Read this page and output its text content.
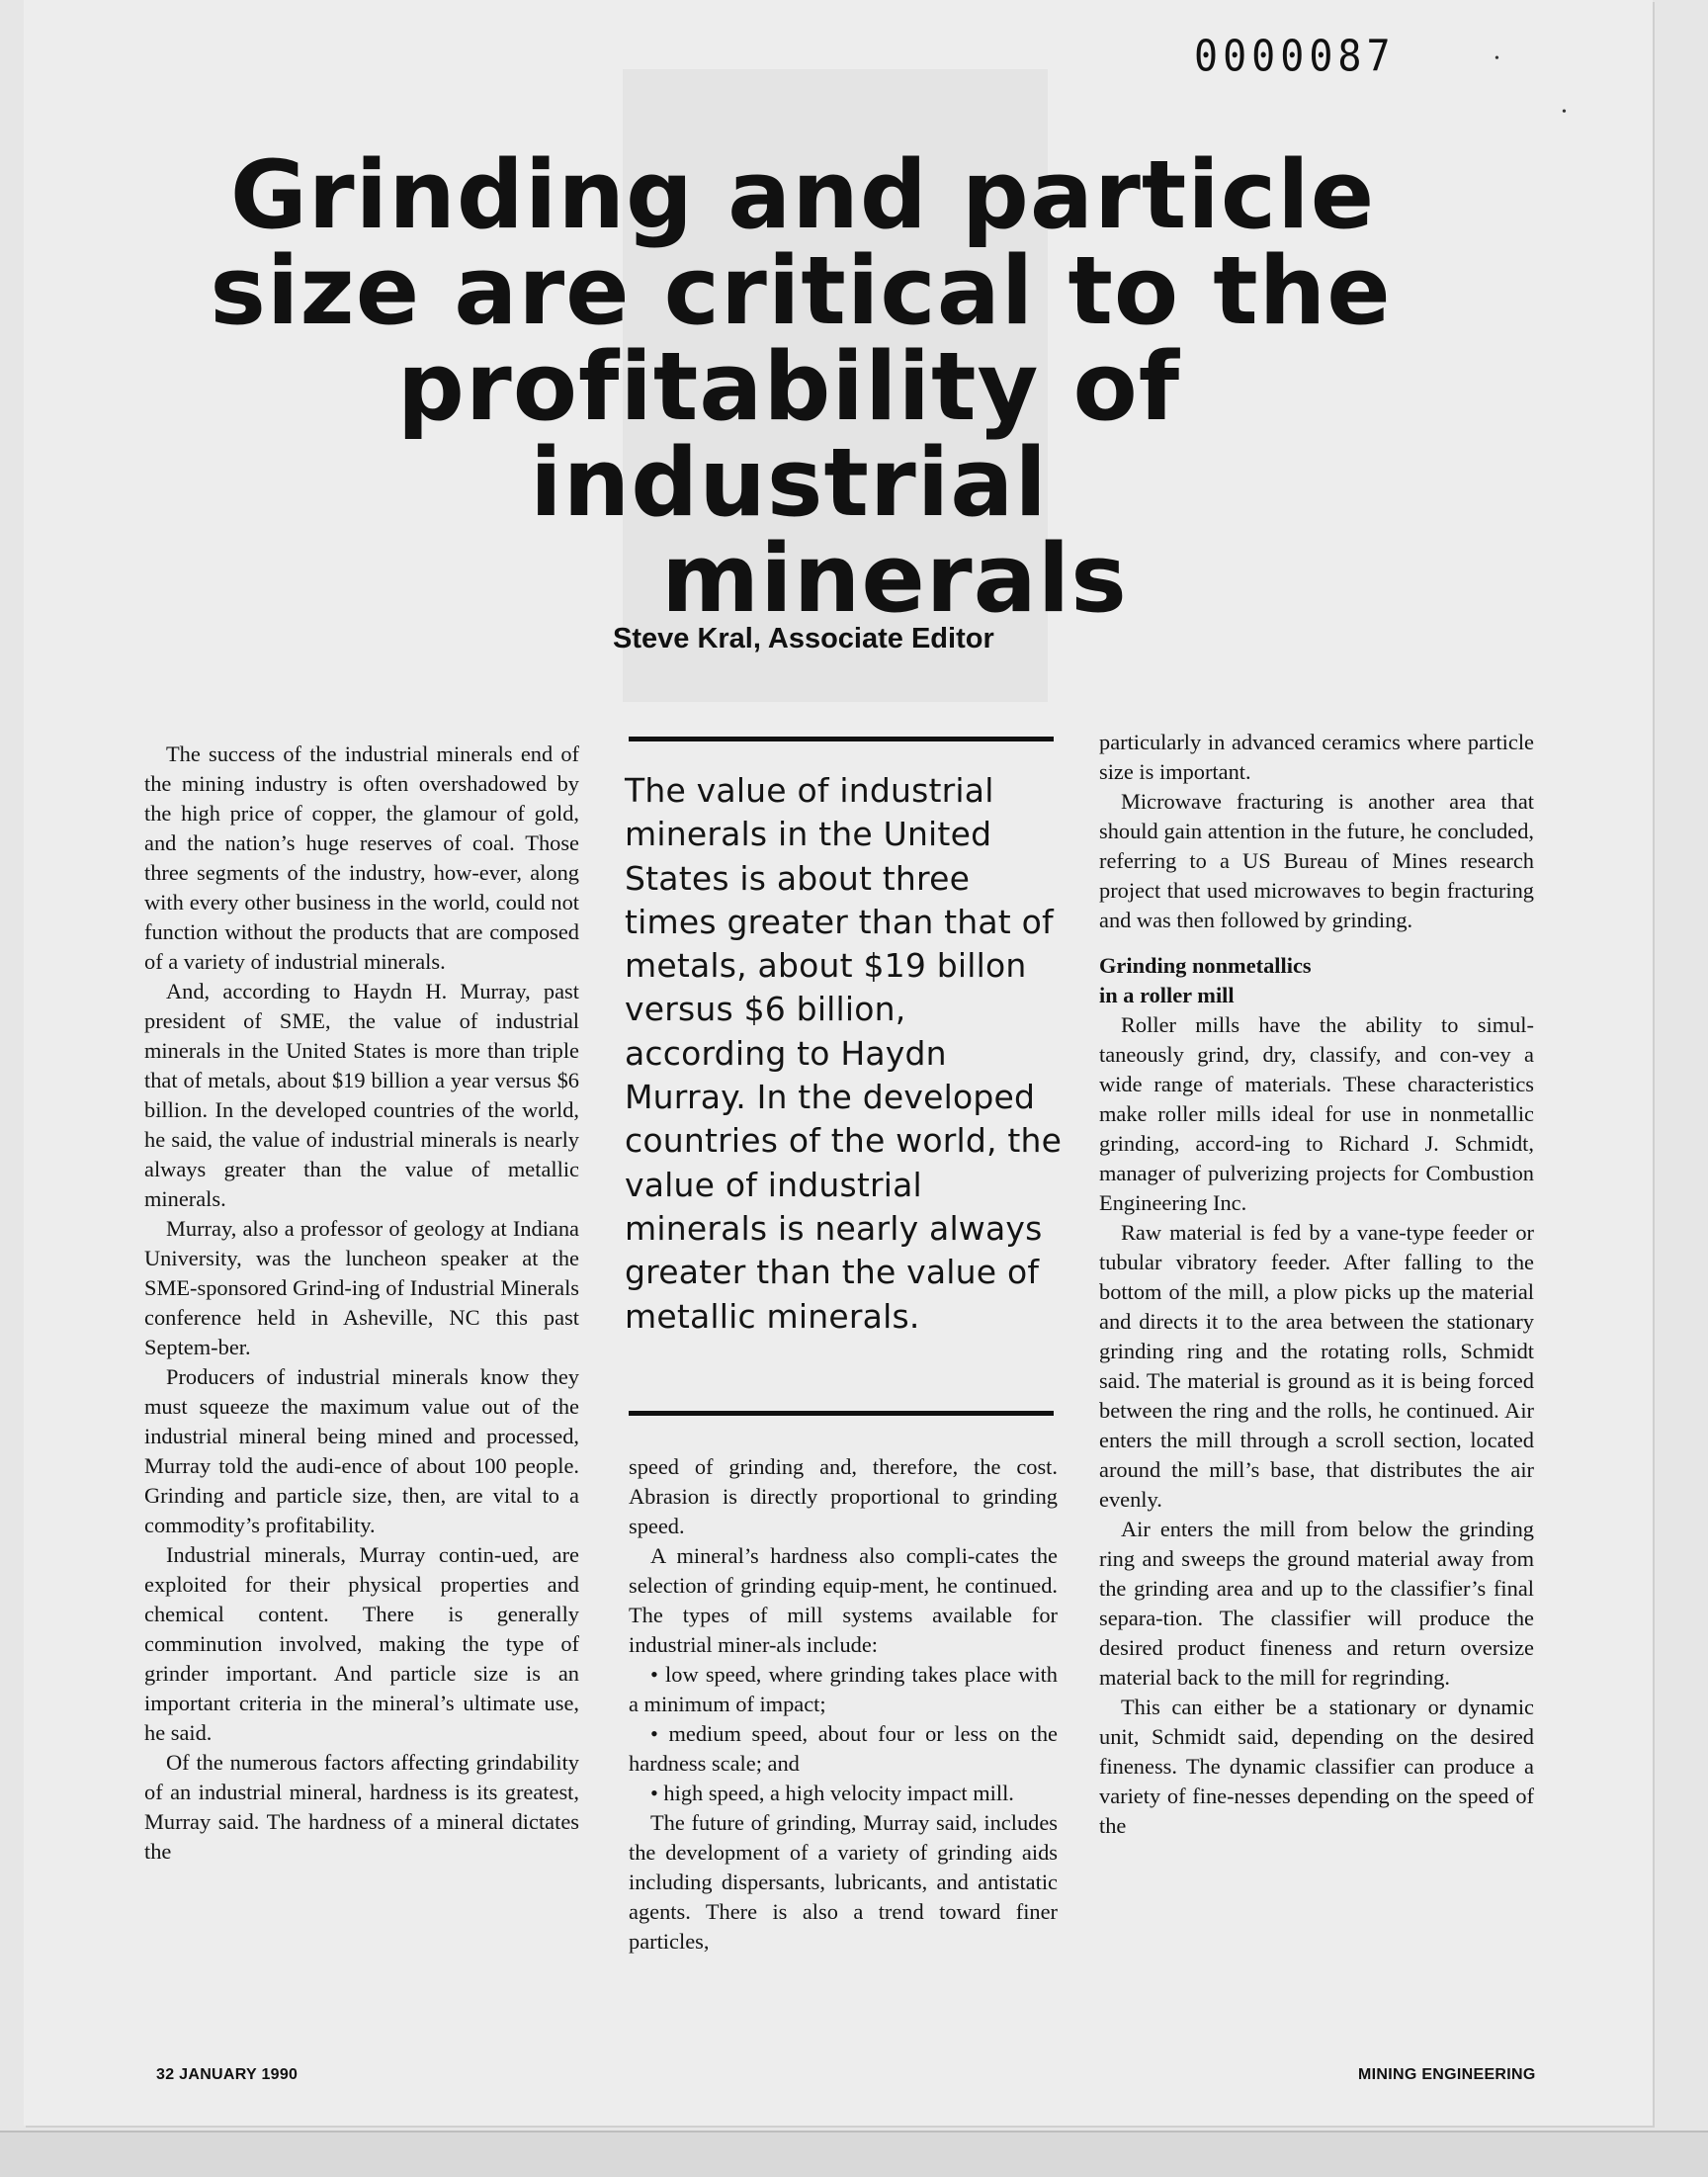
0000087	•
•
Grinding and particle
size are critical to the
profitability of industrial
minerals

Steve Kral, Associate Editor

The success of the industrial minerals end of the mining industry is often overshadowed by the high price of copper, the glamour of gold, and the nation’s huge reserves of coal. Those three segments of the industry, how-ever, along with every other business in the world, could not function without the products that are composed of a variety of industrial minerals.

And, according to Haydn H. Murray, past president of SME, the value of industrial minerals in the United States is more than triple that of metals, about $19 billion a year versus $6 billion. In the developed countries of the world, he said, the value of industrial minerals is nearly always greater than the value of metallic minerals.

Murray, also a professor of geology at Indiana University, was the luncheon speaker at the SME-sponsored Grind-ing of Industrial Minerals conference held in Asheville, NC this past Septem-ber.

Producers of industrial minerals know they must squeeze the maximum value out of the industrial mineral being mined and processed, Murray told the audi-ence of about 100 people. Grinding and particle size, then, are vital to a commodity’s profitability.

Industrial minerals, Murray contin-ued, are exploited for their physical properties and chemical content. There is generally comminution involved, making the type of grinder important. And particle size is an important criteria in the mineral’s ultimate use, he said.

Of the numerous factors affecting grindability of an industrial mineral, hardness is its greatest, Murray said. The hardness of a mineral dictates the

The value of industrial minerals in the United States is about three times greater than that of metals, about $19 billon versus $6 billion, according to Haydn Murray. In the developed countries of the world, the value of industrial minerals is nearly always greater than the value of metallic minerals.

speed of grinding and, therefore, the cost. Abrasion is directly proportional to grinding speed.

A mineral’s hardness also compli-cates the selection of grinding equip-ment, he continued. The types of mill systems available for industrial miner-als include:

• low speed, where grinding takes place with a minimum of impact;

• medium speed, about four or less on the hardness scale; and

• high speed, a high velocity impact mill.

The future of grinding, Murray said, includes the development of a variety of grinding aids including dispersants, lubricants, and antistatic agents. There is also a trend toward finer particles,

particularly in advanced ceramics where particle size is important.

Microwave fracturing is another area that should gain attention in the future, he concluded, referring to a US Bureau of Mines research project that used microwaves to begin fracturing and was then followed by grinding.

Grinding nonmetallics
in a roller mill

Roller mills have the ability to simul-taneously grind, dry, classify, and con-vey a wide range of materials. These characteristics make roller mills ideal for use in nonmetallic grinding, accord-ing to Richard J. Schmidt, manager of pulverizing projects for Combustion Engineering Inc.

Raw material is fed by a vane-type feeder or tubular vibratory feeder. After falling to the bottom of the mill, a plow picks up the material and directs it to the area between the stationary grinding ring and the rotating rolls, Schmidt said. The material is ground as it is being forced between the ring and the rolls, he continued. Air enters the mill through a scroll section, located around the mill’s base, that distributes the air evenly.

Air enters the mill from below the grinding ring and sweeps the ground material away from the grinding area and up to the classifier’s final separa-tion. The classifier will produce the desired product fineness and return oversize material back to the mill for regrinding.

This can either be a stationary or dynamic unit, Schmidt said, depending on the desired fineness. The dynamic classifier can produce a variety of fine-nesses depending on the speed of the

32 JANUARY 1990	MINING ENGINEERING
